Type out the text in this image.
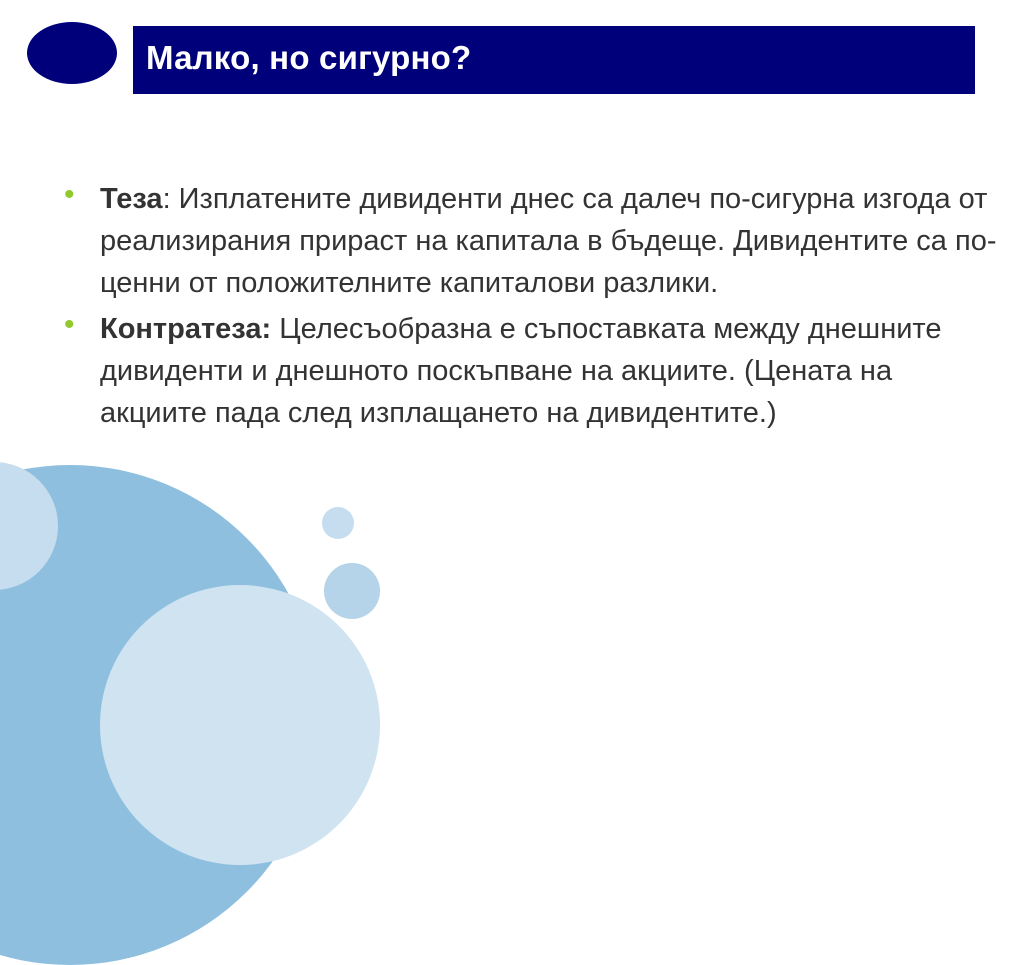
Малко, но сигурно?
• Теза: Изплатените дивиденти днес са далеч по-сигурна изгода от реализирания прираст на капитала в бъдеще. Дивидентите са по-ценни от положителните капиталови разлики.
• Контратеза: Целесъобразна е съпоставката между днешните дивиденти и днешното поскъпване на акциите. (Цената на акциите пада след изплащането на дивидентите.)
